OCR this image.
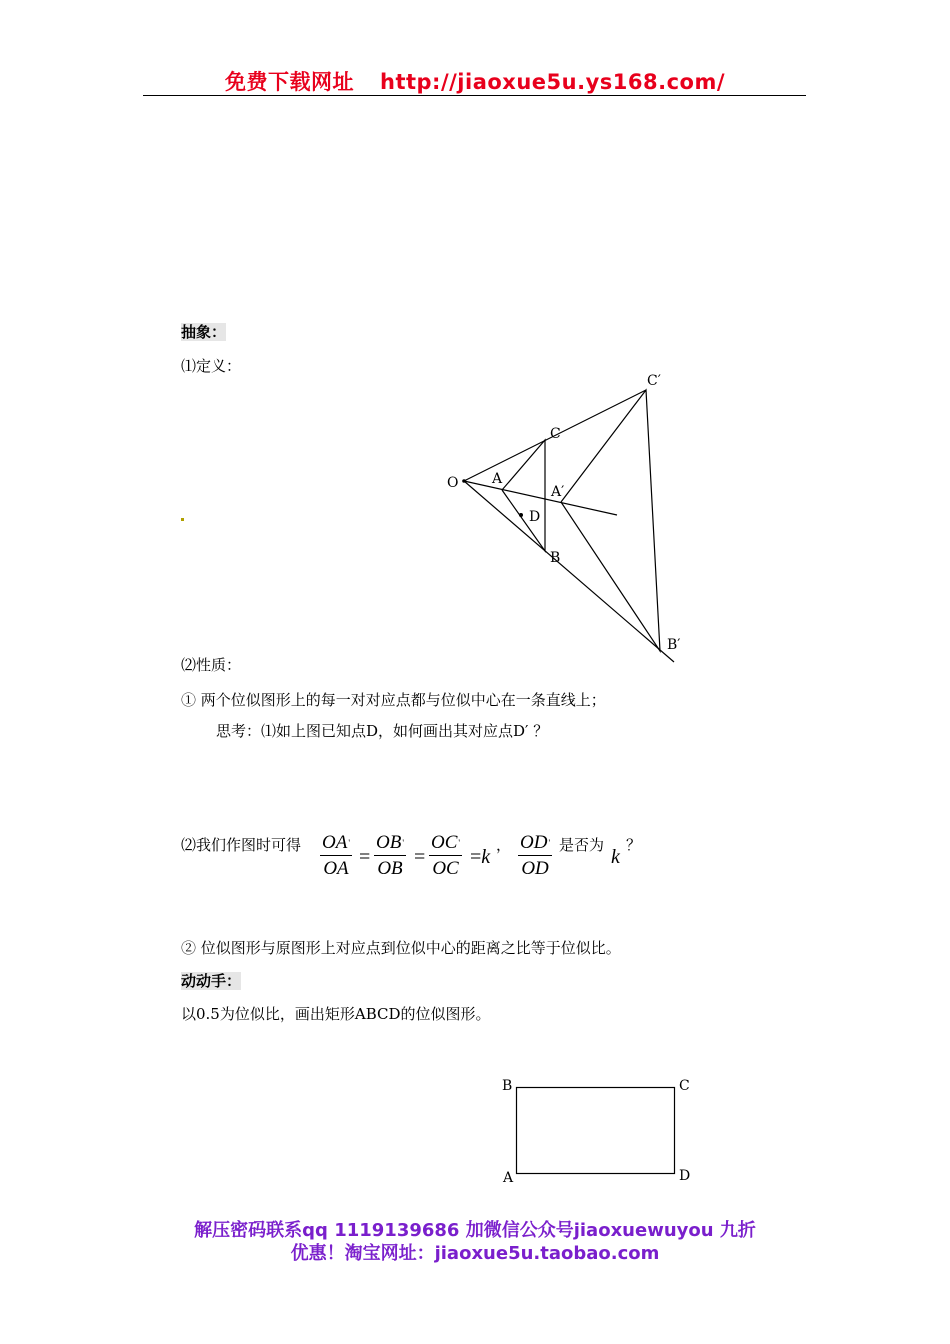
免费下载网址 http://jiaoxue5u.ys168.com/
抽象：
⑴定义：
O A
C
A′
D
B
C′
B′
⑵性质：
① 两个位似图形上的每一对对应点都与位似中心在一条直线上；
思考：⑴如上图已知点D，如何画出其对应点D′ ？
⑵我们作图时可得 $\frac{OA'}{OA} = \frac{OB'}{OB} = \frac{OC'}{OC} =k$
， $\frac{OD'}{OD}$ 是否为
k
？
② 位似图形与原图形上对应点到位似中心的距离之比等于位似比。
动动手：
以0.5为位似比，画出矩形ABCD的位似图形。
B	C
A	D
解压密码联系qq 1119139686 加微信公众号jiaoxuewuyou 九折
优惠！淘宝网址：jiaoxue5u.taobao.com
